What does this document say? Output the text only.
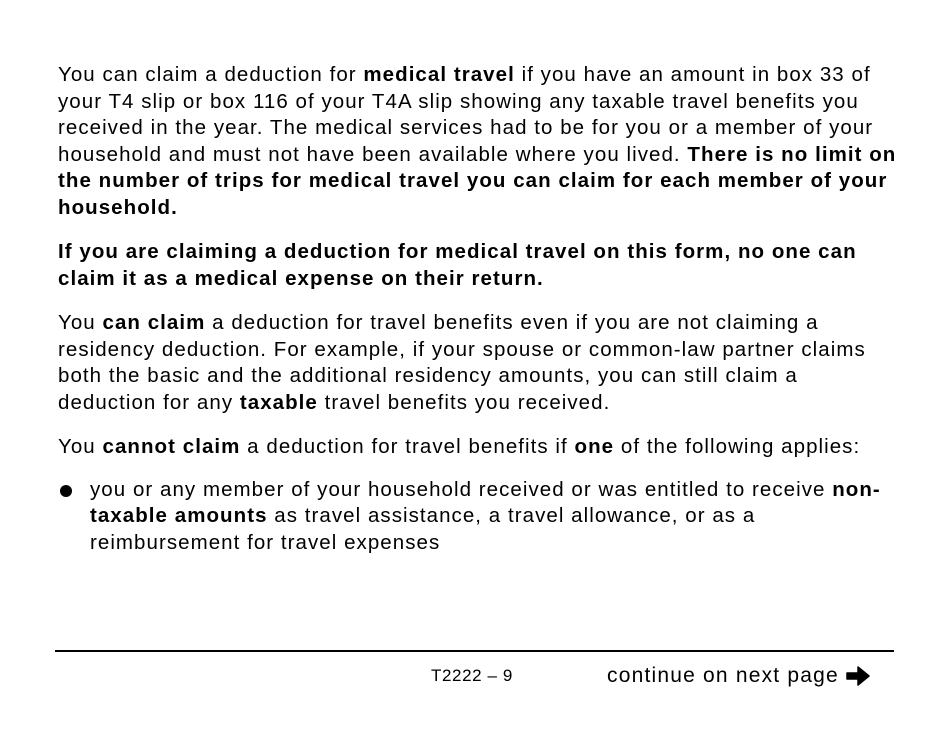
You can claim a deduction for medical travel if you have an amount in box 33 of your T4 slip or box 116 of your T4A slip showing any taxable travel benefits you received in the year. The medical services had to be for you or a member of your household and must not have been available where you lived. There is no limit on the number of trips for medical travel you can claim for each member of your household.

If you are claiming a deduction for medical travel on this form, no one can claim it as a medical expense on their return.

You can claim a deduction for travel benefits even if you are not claiming a residency deduction. For example, if your spouse or common-law partner claims both the basic and the additional residency amounts, you can still claim a deduction for any taxable travel benefits you received.

You cannot claim a deduction for travel benefits if one of the following applies:

you or any member of your household received or was entitled to receive non-taxable amounts as travel assistance, a travel allowance, or as a reimbursement for travel expenses
T2222 – 9	continue on next page
